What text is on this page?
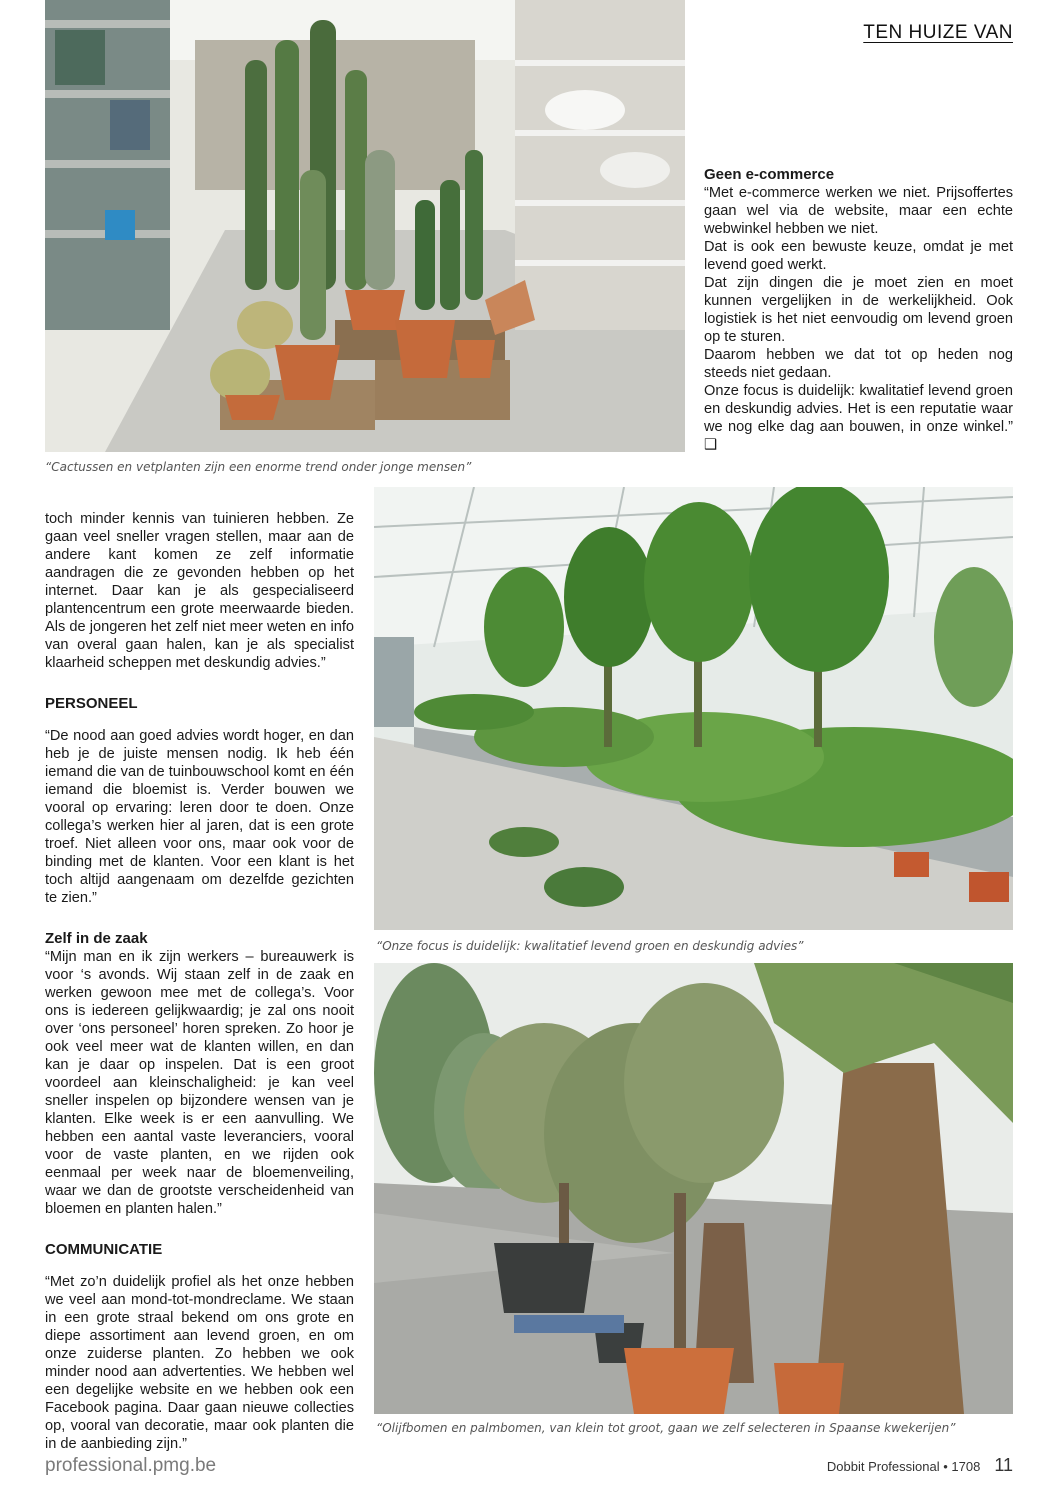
TEN HUIZE VAN
“Cactussen en vetplanten zijn een enorme trend onder jonge mensen”
Geen e-commerce

“Met e-commerce werken we niet. Prijsoffertes gaan wel via de website, maar een echte webwinkel hebben we niet.

Dat is ook een bewuste keuze, omdat je met levend goed werkt.

Dat zijn dingen die je moet zien en moet kunnen vergelijken in de werkelijkheid. Ook logistiek is het niet eenvoudig om levend groen op te sturen.

Daarom hebben we dat tot op heden nog steeds niet gedaan.

Onze focus is duidelijk: kwalitatief levend groen en deskundig advies. Het is een reputatie waar we nog elke dag aan bouwen, in onze winkel.” ❑

toch minder kennis van tuinieren hebben. Ze gaan veel sneller vragen stellen, maar aan de andere kant komen ze zelf informatie aandragen die ze gevonden hebben op het internet. Daar kan je als gespecialiseerd plantencentrum een grote meerwaarde bieden. Als de jongeren het zelf niet meer weten en info van overal gaan halen, kan je als specialist klaarheid scheppen met deskundig advies.”

PERSONEEL

“De nood aan goed advies wordt hoger, en dan heb je de juiste mensen nodig. Ik heb één iemand die van de tuinbouwschool komt en één iemand die bloemist is. Verder bouwen we vooral op ervaring: leren door te doen. Onze collega’s werken hier al jaren, dat is een grote troef. Niet alleen voor ons, maar ook voor de binding met de klanten. Voor een klant is het toch altijd aangenaam om dezelfde gezichten te zien.”

Zelf in de zaak

“Mijn man en ik zijn werkers – bureauwerk is voor ‘s avonds. Wij staan zelf in de zaak en werken gewoon mee met de collega’s. Voor ons is iedereen gelijkwaardig; je zal ons nooit over ‘ons personeel’ horen spreken. Zo hoor je ook veel meer wat de klanten willen, en dan kan je daar op inspelen. Dat is een groot voordeel aan kleinschaligheid: je kan veel sneller inspelen op bijzondere wensen van je klanten. Elke week is er een aanvulling. We hebben een aantal vaste leveranciers, vooral voor de vaste planten, en we rijden ook eenmaal per week naar de bloemenveiling, waar we dan de grootste verscheidenheid van bloemen en planten halen.”

COMMUNICATIE

“Met zo’n duidelijk profiel als het onze hebben we veel aan mond-tot-mondreclame. We staan in een grote straal bekend om ons grote en diepe assortiment aan levend groen, en om onze zuiderse planten. Zo hebben we ook minder nood aan advertenties. We hebben wel een degelijke website en we hebben ook een Facebook pagina. Daar gaan nieuwe collecties op, vooral van decoratie, maar ook planten die in de aanbieding zijn.”

“Onze focus is duidelijk: kwalitatief levend groen en deskundig advies”
“Olijfbomen en palmbomen, van klein tot groot, gaan we zelf selecteren in Spaanse kwekerijen”
professional.pmg.be	Dobbit Professional • 1708 11
